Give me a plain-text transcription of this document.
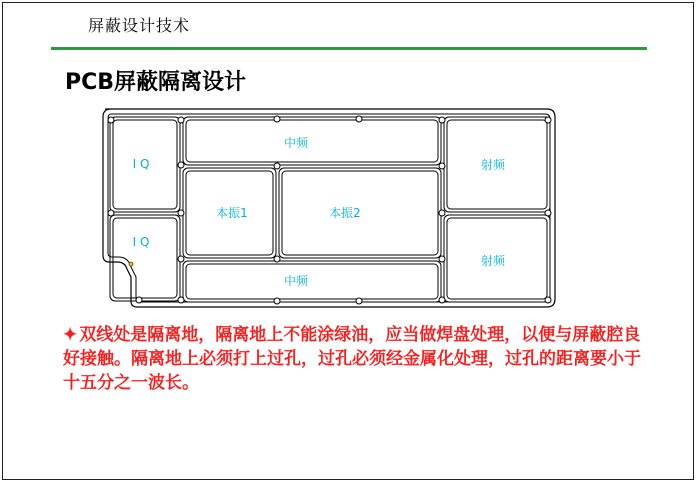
屏蔽设计技术
PCB屏蔽隔离设计
I Q
I Q
中频
本振1	本振2
中频
射频
射频
✦ 双线处是隔离地，隔离地上不能涂绿油，应当做焊盘处理，以便与屏蔽腔良好接触。隔离地上必须打上过孔，过孔必须经金属化处理，过孔的距离要小于十五分之一波长。
